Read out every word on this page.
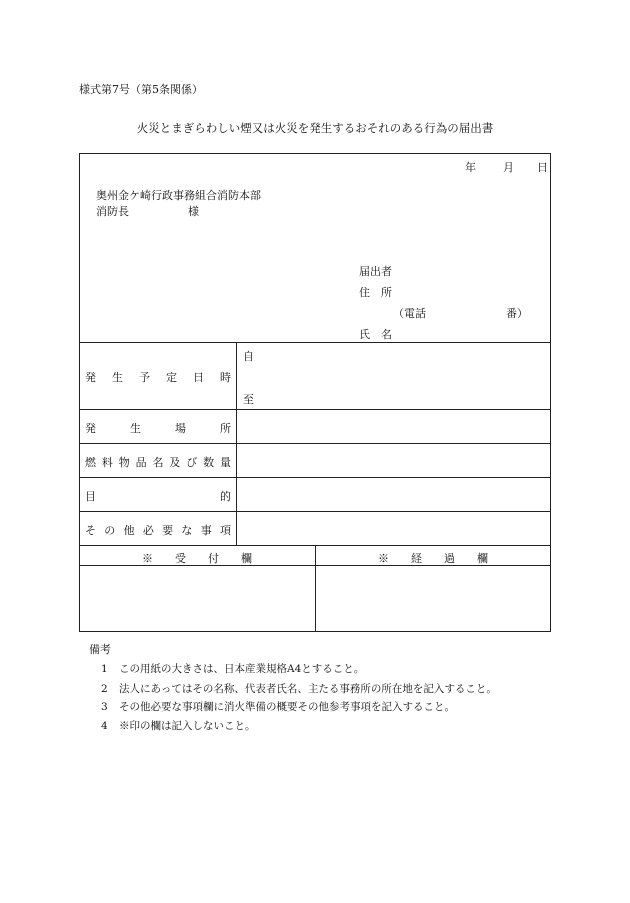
様式第7号（第5条関係）
火災とまぎらわしい煙又は火災を発生するおそれのある行為の届出書
年 月 日
奥州金ケ崎行政事務組合消防本部
消防長	様
届出者
住　所
（電話	番）
氏　名
発 生 予 定 日 時
自
至
発	生	場	所
燃 料 物 品 名 及 び 数 量
目	的
そ の 他 必 要 な 事 項
※　　受　　付　　欄	※　　経　　過　　欄
備考
1 この用紙の大きさは、日本産業規格A4とすること。
2 法人にあってはその名称、代表者氏名、主たる事務所の所在地を記入すること。
3 その他必要な事項欄に消火準備の概要その他参考事項を記入すること。
4 ※印の欄は記入しないこと。
